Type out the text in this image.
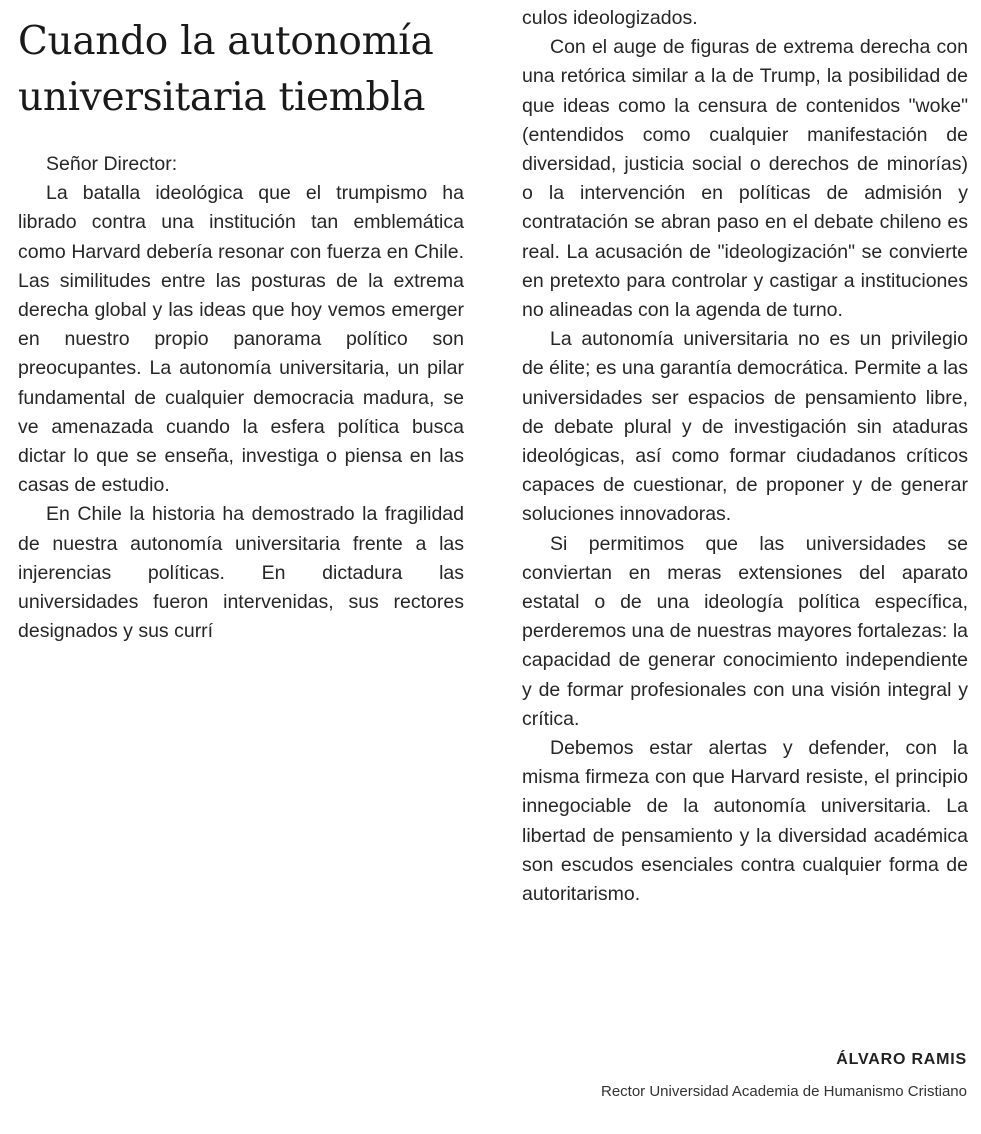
Cuando la autonomía universitaria tiembla

Señor Director:

La batalla ideológica que el trumpismo ha librado contra una institución tan emblemática como Harvard debería resonar con fuerza en Chile. Las similitudes entre las posturas de la extrema derecha global y las ideas que hoy vemos emerger en nuestro propio panorama político son preocupantes. La autonomía universitaria, un pilar fundamental de cualquier democracia madura, se ve amenazada cuando la esfera política busca dictar lo que se enseña, investiga o piensa en las casas de estudio.

En Chile la historia ha demostrado la fragilidad de nuestra autonomía universitaria frente a las injerencias políticas. En dictadura las universidades fueron intervenidas, sus rectores designados y sus currí

culos ideologizados.

Con el auge de figuras de extrema derecha con una retórica similar a la de Trump, la posibilidad de que ideas como la censura de contenidos "woke" (entendidos como cualquier manifestación de diversidad, justicia social o derechos de minorías) o la intervención en políticas de admisión y contratación se abran paso en el debate chileno es real. La acusación de "ideologización" se convierte en pretexto para controlar y castigar a instituciones no alineadas con la agenda de turno.

La autonomía universitaria no es un privilegio de élite; es una garantía democrática. Permite a las universidades ser espacios de pensamiento libre, de debate plural y de investigación sin ataduras ideológicas, así como formar ciudadanos críticos capaces de cuestionar, de proponer y de generar soluciones innovadoras.

Si permitimos que las universidades se conviertan en meras extensiones del aparato estatal o de una ideología política específica, perderemos una de nuestras mayores fortalezas: la capacidad de generar conocimiento independiente y de formar profesionales con una visión integral y crítica.

Debemos estar alertas y defender, con la misma firmeza con que Harvard resiste, el principio innegociable de la autonomía universitaria. La libertad de pensamiento y la diversidad académica son escudos esenciales contra cualquier forma de autoritarismo.

ÁLVARO RAMIS
Rector Universidad Academia de Humanismo Cristiano
